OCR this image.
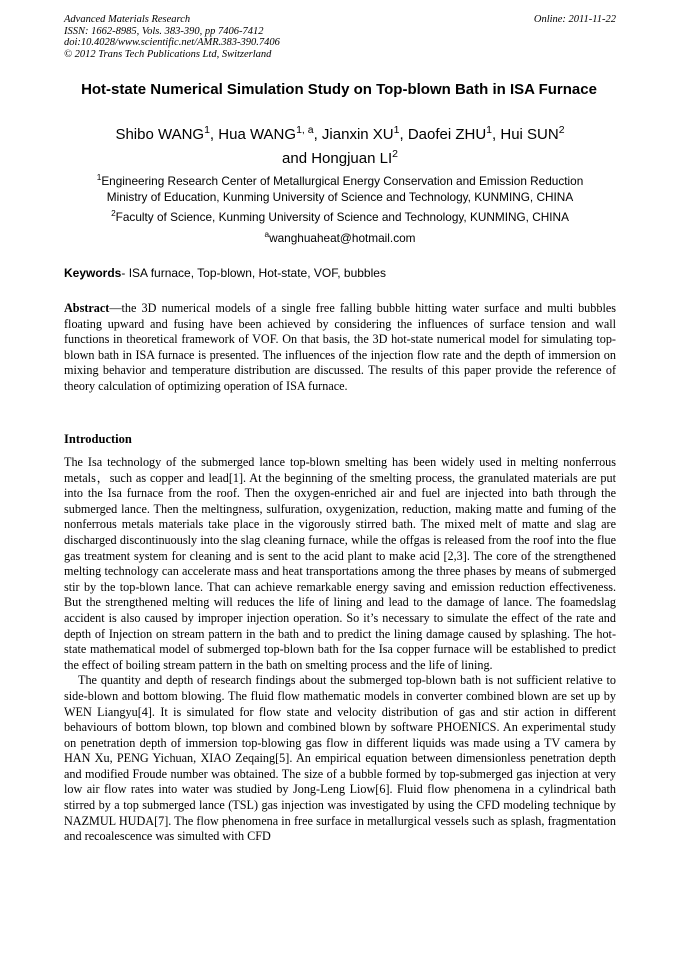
Advanced Materials Research
ISSN: 1662-8985, Vols. 383-390, pp 7406-7412
doi:10.4028/www.scientific.net/AMR.383-390.7406
© 2012 Trans Tech Publications Ltd, Switzerland
Online: 2011-11-22
Hot-state Numerical Simulation Study on Top-blown Bath in ISA Furnace
Shibo WANG$^1$, Hua WANG$^{1, a}$, Jianxin $XU^1$, Daofei ZHU$^1$, Hui SUN$^2$
and Hongjuan $LI^2$

$^1$Engineering Research Center of Metallurgical Energy Conservation and Emission Reduction

Ministry of Education, Kunming University of Science and Technology, KUNMING, CHINA

$^2$Faculty of Science, Kunming University of Science and Technology, KUNMING, CHINA

$^a$wanghuaheat@hotmail.com

Keywords- ISA furnace, Top-blown, Hot-state, VOF, bubbles

Abstract—the 3D numerical models of a single free falling bubble hitting water surface and multi bubbles floating upward and fusing have been achieved by considering the influences of surface tension and wall functions in theoretical framework of VOF. On that basis, the 3D hot-state numerical model for simulating top-blown bath in ISA furnace is presented. The influences of the injection flow rate and the depth of immersion on mixing behavior and temperature distribution are discussed. The results of this paper provide the reference of theory calculation of optimizing operation of ISA furnace.

Introduction

The Isa technology of the submerged lance top-blown smelting has been widely used in melting nonferrous metals，such as copper and lead[1]. At the beginning of the smelting process, the granulated materials are put into the Isa furnace from the roof. Then the oxygen-enriched air and fuel are injected into bath through the submerged lance. Then the meltingness, sulfuration, oxygenization, reduction, making matte and fuming of the nonferrous metals materials take place in the vigorously stirred bath. The mixed melt of matte and slag are discharged discontinuously into the slag cleaning furnace, while the offgas is released from the roof into the flue gas treatment system for cleaning and is sent to the acid plant to make acid [2,3]. The core of the strengthened melting technology can accelerate mass and heat transportations among the three phases by means of submerged stir by the top-blown lance. That can achieve remarkable energy saving and emission reduction effectiveness. But the strengthened melting will reduces the life of lining and lead to the damage of lance. The foamedslag accident is also caused by improper injection operation. So it’s necessary to simulate the effect of the rate and depth of Injection on stream pattern in the bath and to predict the lining damage caused by splashing. The hot-state mathematical model of submerged top-blown bath for the Isa copper furnace will be established to predict the effect of boiling stream pattern in the bath on smelting process and the life of lining.

The quantity and depth of research findings about the submerged top-blown bath is not sufficient relative to side-blown and bottom blowing. The fluid flow mathematic models in converter combined blown are set up by WEN Liangyu[4]. It is simulated for flow state and velocity distribution of gas and stir action in different behaviours of bottom blown, top blown and combined blown by software PHOENICS. An experimental study on penetration depth of immersion top-blowing gas flow in different liquids was made using a TV camera by HAN Xu, PENG Yichuan, XIAO Zeqaing[5]. An empirical equation between dimensionless penetration depth and modified Froude number was obtained. The size of a bubble formed by top-submerged gas injection at very low air flow rates into water was studied by Jong-Leng Liow[6]. Fluid flow phenomena in a cylindrical bath stirred by a top submerged lance (TSL) gas injection was investigated by using the CFD modeling technique by NAZMUL HUDA[7]. The flow phenomena in free surface in metallurgical vessels such as splash, fragmentation and recoalescence was simulted with CFD
